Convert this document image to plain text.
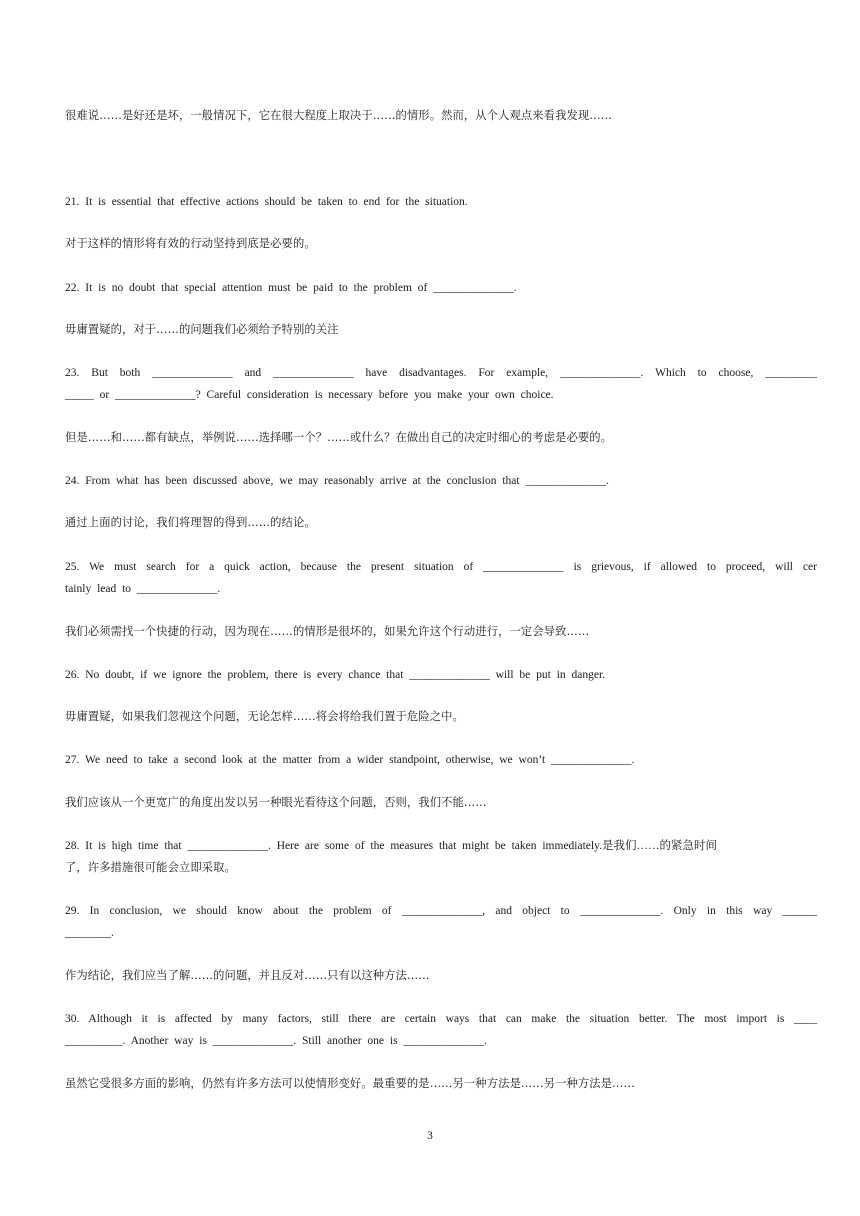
很难说……是好还是坏，一般情况下，它在很大程度上取决于……的情形。然而，从个人观点来看我发现……
21. It is essential that effective actions should be taken to end for the situation.
对于这样的情形将有效的行动坚持到底是必要的。
22. It is no doubt that special attention must be paid to the problem of ______________.
毋庸置疑的，对于……的问题我们必须给予特别的关注
23. But both ______________ and ______________ have disadvantages. For example, ______________. Which to choose, _________
_____ or ______________? Careful consideration is necessary before you make your own choice.
但是……和……都有缺点，举例说……选择哪一个？……或什么？在做出自己的决定时细心的考虑是必要的。
24. From what has been discussed above, we may reasonably arrive at the conclusion that ______________.
通过上面的讨论，我们将理智的得到……的结论。
25. We must search for a quick action, because the present situation of ______________ is grievous, if allowed to proceed, will cer
tainly lead to ______________.
我们必须需找一个快捷的行动，因为现在……的情形是很坏的，如果允许这个行动进行，一定会导致……
26. No doubt, if we ignore the problem, there is every chance that ______________ will be put in danger.
毋庸置疑，如果我们忽视这个问题，无论怎样……将会将给我们置于危险之中。
27. We need to take a second look at the matter from a wider standpoint, otherwise, we won’t ______________.
我们应该从一个更宽广的角度出发以另一种眼光看待这个问题，否则，我们不能……
28. It is high time that ______________. Here are some of the measures that might be taken immediately.是我们……的紧急时间
了，许多措施很可能会立即采取。
29. In conclusion, we should know about the problem of ______________, and object to ______________. Only in this way ______
________.
作为结论，我们应当了解……的问题，并且反对……只有以这种方法……
30. Although it is affected by many factors, still there are certain ways that can make the situation better. The most import is ____
__________. Another way is ______________. Still another one is ______________.
虽然它受很多方面的影响，仍然有许多方法可以使情形变好。最重要的是……另一种方法是……另一种方法是……
3
